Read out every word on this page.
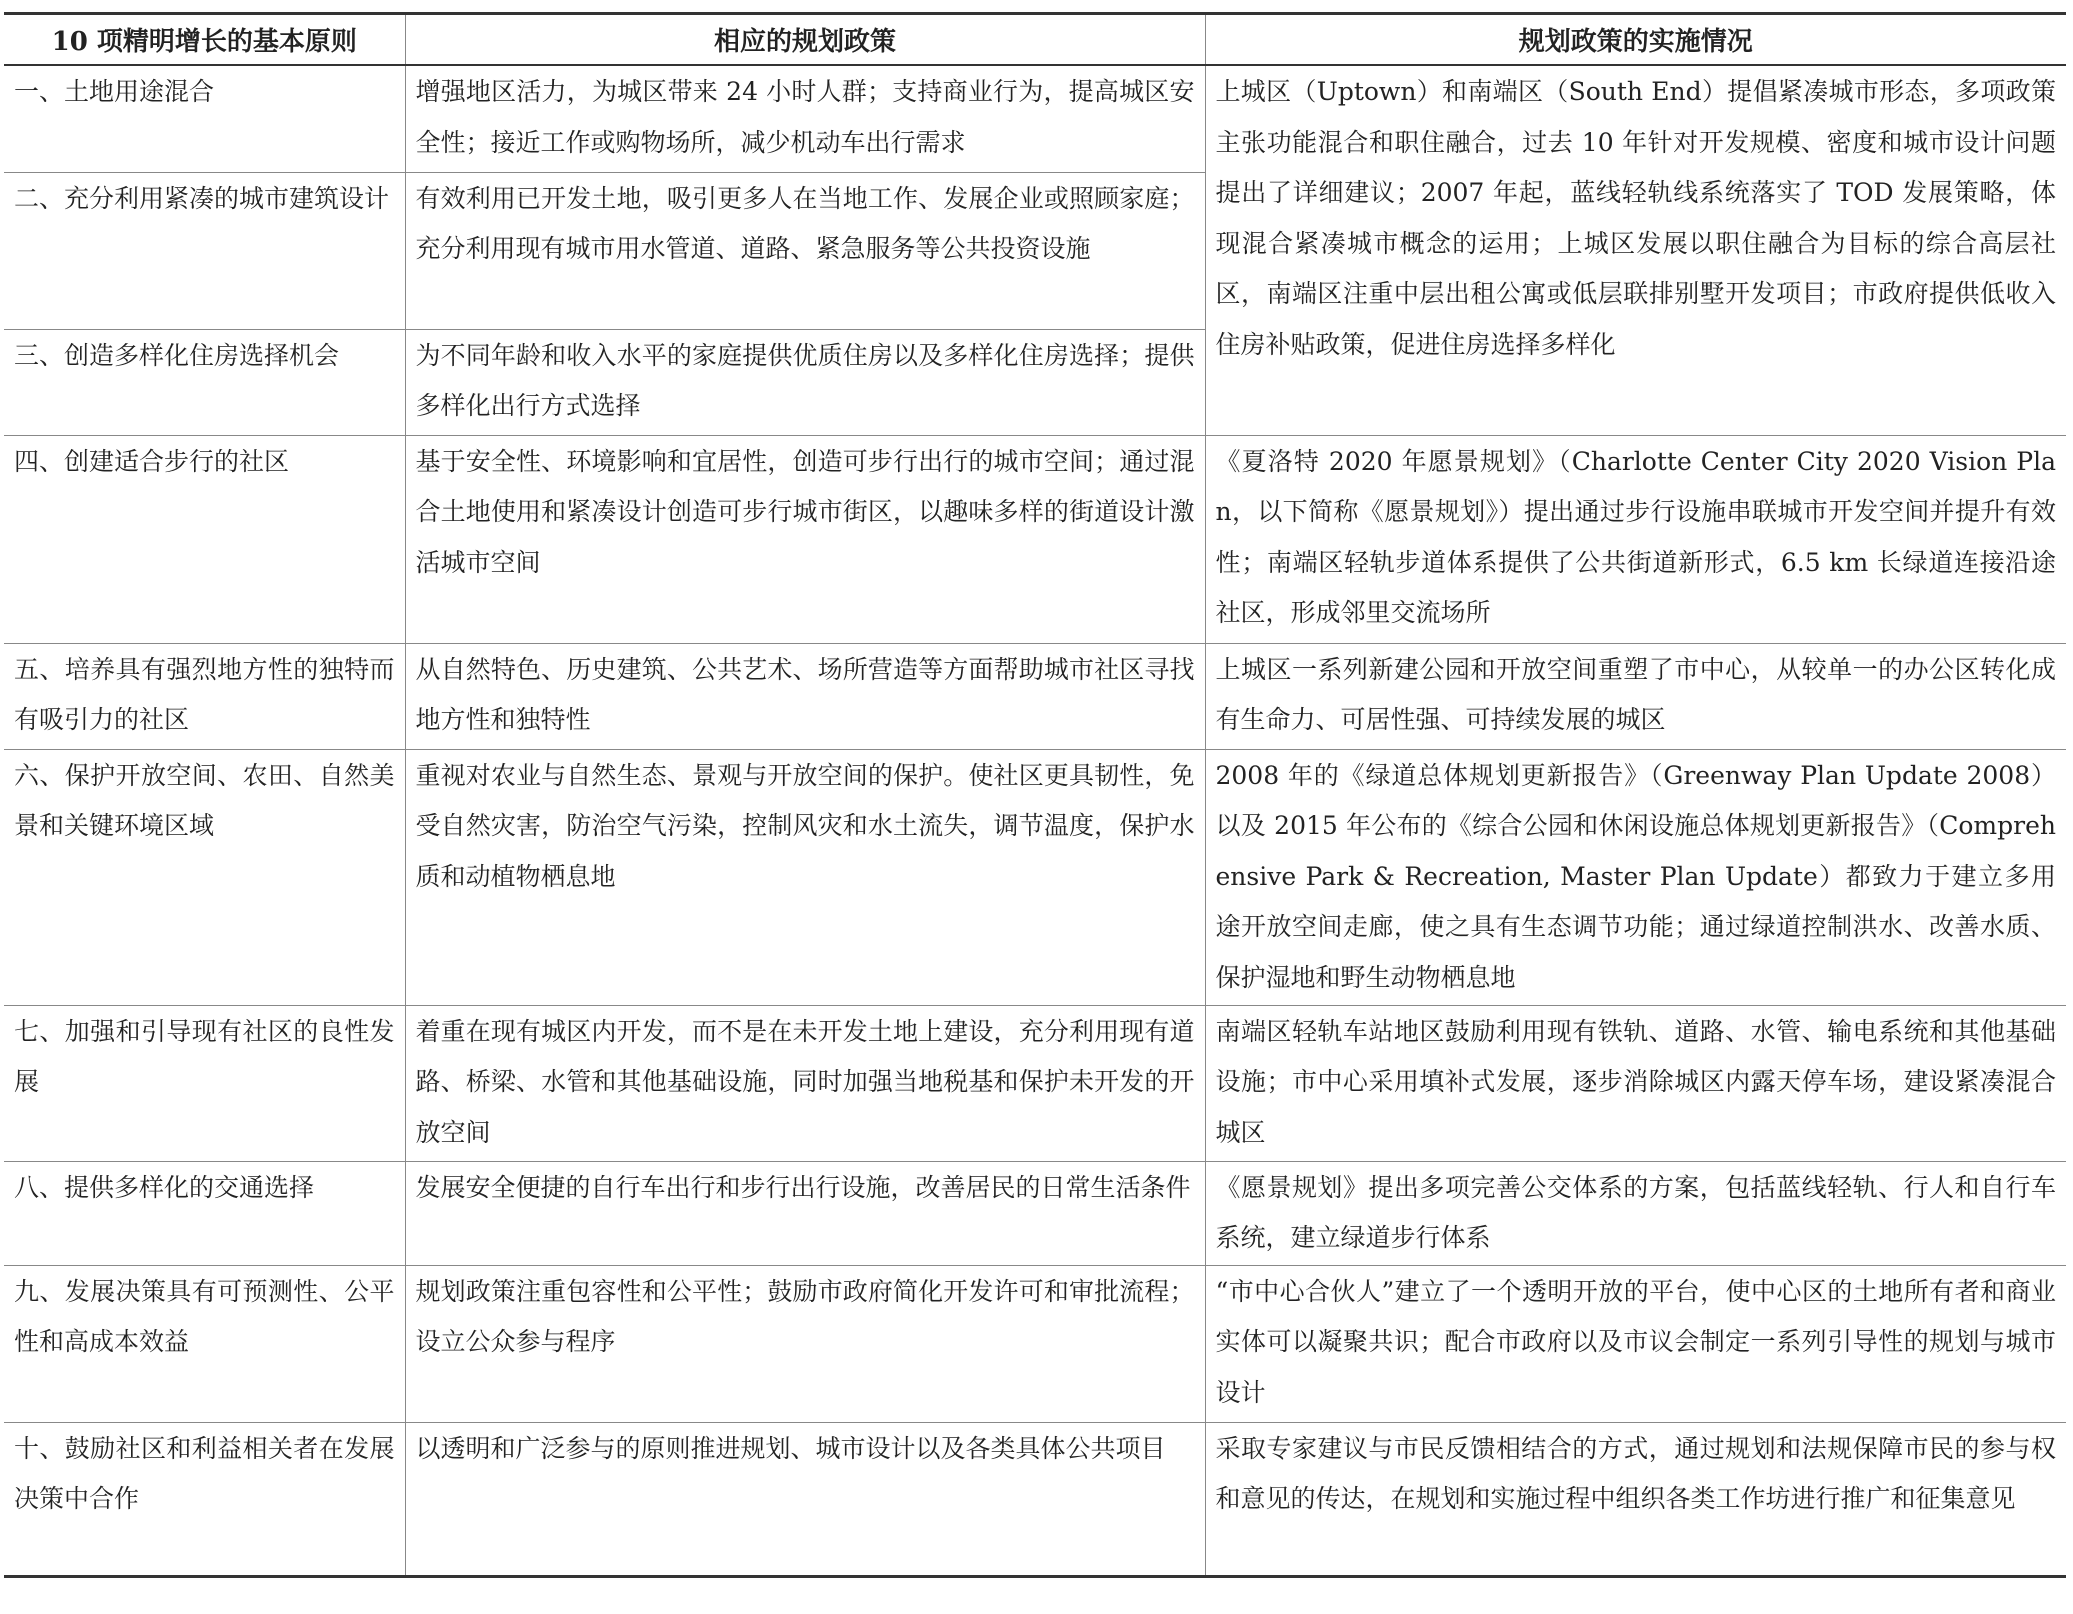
10 项精明增长的基本原则	相应的规划政策	规划政策的实施情况
一、土地用途混合	增强地区活力，为城区带来 24 小时人群；支持商业行为，提高城区安全性；接近工作或购物场所，减少机动车出行需求	上城区（Uptown）和南端区（South End）提倡紧凑城市形态，多项政策主张功能混合和职住融合，过去 10 年针对开发规模、密度和城市设计问题提出了详细建议；2007 年起，蓝线轻轨线系统落实了 TOD 发展策略，体现混合紧凑城市概念的运用；上城区发展以职住融合为目标的综合高层社区，南端区注重中层出租公寓或低层联排别墅开发项目；市政府提供低收入住房补贴政策，促进住房选择多样化
二、充分利用紧凑的城市建筑设计	有效利用已开发土地，吸引更多人在当地工作、发展企业或照顾家庭；充分利用现有城市用水管道、道路、紧急服务等公共投资设施	
三、创造多样化住房选择机会	为不同年龄和收入水平的家庭提供优质住房以及多样化住房选择；提供多样化出行方式选择	
四、创建适合步行的社区	基于安全性、环境影响和宜居性，创造可步行出行的城市空间；通过混合土地使用和紧凑设计创造可步行城市街区，以趣味多样的街道设计激活城市空间	《夏洛特 2020 年愿景规划》（Charlotte Center City 2020 Vision Plan，以下简称《愿景规划》）提出通过步行设施串联城市开发空间并提升有效性；南端区轻轨步道体系提供了公共街道新形式，6.5 km 长绿道连接沿途社区，形成邻里交流场所
五、培养具有强烈地方性的独特而有吸引力的社区	从自然特色、历史建筑、公共艺术、场所营造等方面帮助城市社区寻找地方性和独特性	上城区一系列新建公园和开放空间重塑了市中心，从较单一的办公区转化成有生命力、可居性强、可持续发展的城区
六、保护开放空间、农田、自然美景和关键环境区域	重视对农业与自然生态、景观与开放空间的保护。使社区更具韧性，免受自然灾害，防治空气污染，控制风灾和水土流失，调节温度，保护水质和动植物栖息地	2008 年的《绿道总体规划更新报告》（Greenway Plan Update 2008）以及 2015 年公布的《综合公园和休闲设施总体规划更新报告》（Comprehensive Park & Recreation, Master Plan Update）都致力于建立多用途开放空间走廊，使之具有生态调节功能；通过绿道控制洪水、改善水质、保护湿地和野生动物栖息地
七、加强和引导现有社区的良性发展	着重在现有城区内开发，而不是在未开发土地上建设，充分利用现有道路、桥梁、水管和其他基础设施，同时加强当地税基和保护未开发的开放空间	南端区轻轨车站地区鼓励利用现有铁轨、道路、水管、输电系统和其他基础设施；市中心采用填补式发展，逐步消除城区内露天停车场，建设紧凑混合城区
八、提供多样化的交通选择	发展安全便捷的自行车出行和步行出行设施，改善居民的日常生活条件	《愿景规划》提出多项完善公交体系的方案，包括蓝线轻轨、行人和自行车系统，建立绿道步行体系
九、发展决策具有可预测性、公平性和高成本效益	规划政策注重包容性和公平性；鼓励市政府简化开发许可和审批流程；设立公众参与程序	“市中心合伙人”建立了一个透明开放的平台，使中心区的土地所有者和商业实体可以凝聚共识；配合市政府以及市议会制定一系列引导性的规划与城市设计
十、鼓励社区和利益相关者在发展决策中合作	以透明和广泛参与的原则推进规划、城市设计以及各类具体公共项目	采取专家建议与市民反馈相结合的方式，通过规划和法规保障市民的参与权和意见的传达，在规划和实施过程中组织各类工作坊进行推广和征集意见
